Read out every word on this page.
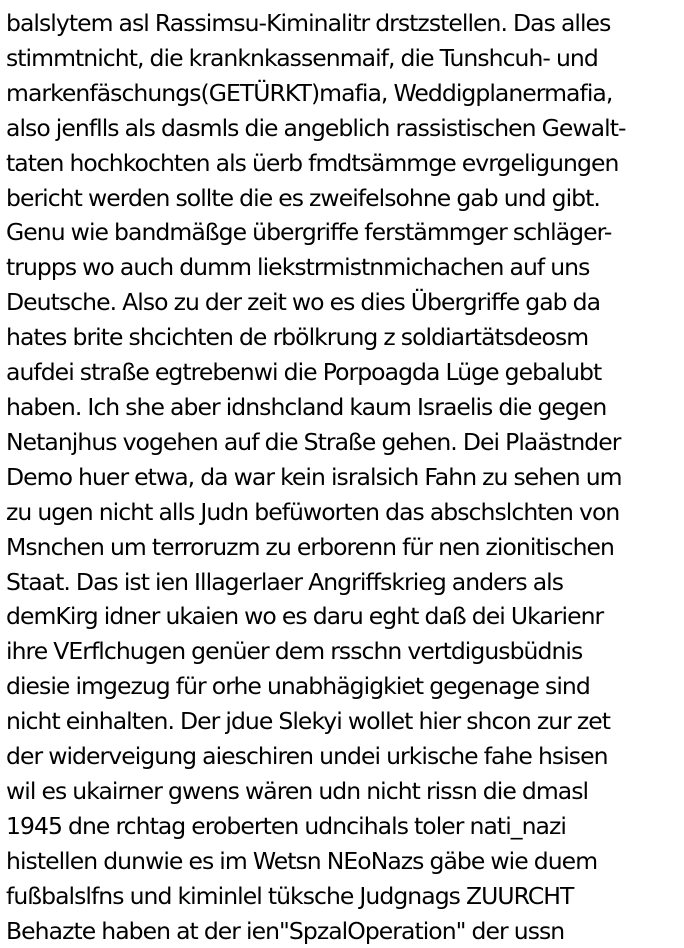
balslytem asl Rassimsu-Kiminalitr drstzstellen. Das alles
stimmtnicht, die kranknkassenmaif, die Tunshcuh- und
markenfäschungs(GETÜRKT)mafia, Weddigplanermafia,
also jenflls als dasmls die angeblich rassistischen Gewalt-
taten hochkochten als üerb fmdtsämmge evrgeligungen
bericht werden sollte die es zweifelsohne gab und gibt.
Genu wie bandmäßge übergriffe ferstämmger schläger-
trupps wo auch dumm liekstrmistnmichachen auf uns
Deutsche. Also zu der zeit wo es dies Übergriffe gab da
hates brite shcichten de rbölkrung z soldiartätsdeosm
aufdei straße egtrebenwi die Porpoagda Lüge gebalubt
haben. Ich she aber idnshcland kaum Israelis die gegen
Netanjhus vogehen auf die Straße gehen. Dei Plaästnder
Demo huer etwa, da war kein isralsich Fahn zu sehen um
zu ugen nicht alls Judn befüworten das abschslchten von
Msnchen um terroruzm zu erborenn für nen zionitischen
Staat. Das ist ien Illagerlaer Angriffskrieg anders als
demKirg idner ukaien wo es daru eght daß dei Ukarienr
ihre VErflchugen genüer dem rsschn vertdigusbüdnis
diesie imgezug für orhe unabhägigkiet gegenage sind
nicht einhalten. Der jdue Slekyi wollet hier shcon zur zet
der widerveigung aieschiren undei urkische fahe hsisen
wil es ukairner gwens wären udn nicht rissn die dmasl
1945 dne rchtag eroberten udncihals toler nati_nazi
histellen dunwie es im Wetsn NEoNazs gäbe wie duem
fußbalslfns und kiminlel tüksche Judgnags ZUURCHT
Behazte haben at der ien"SpzalOperation" der ussn
